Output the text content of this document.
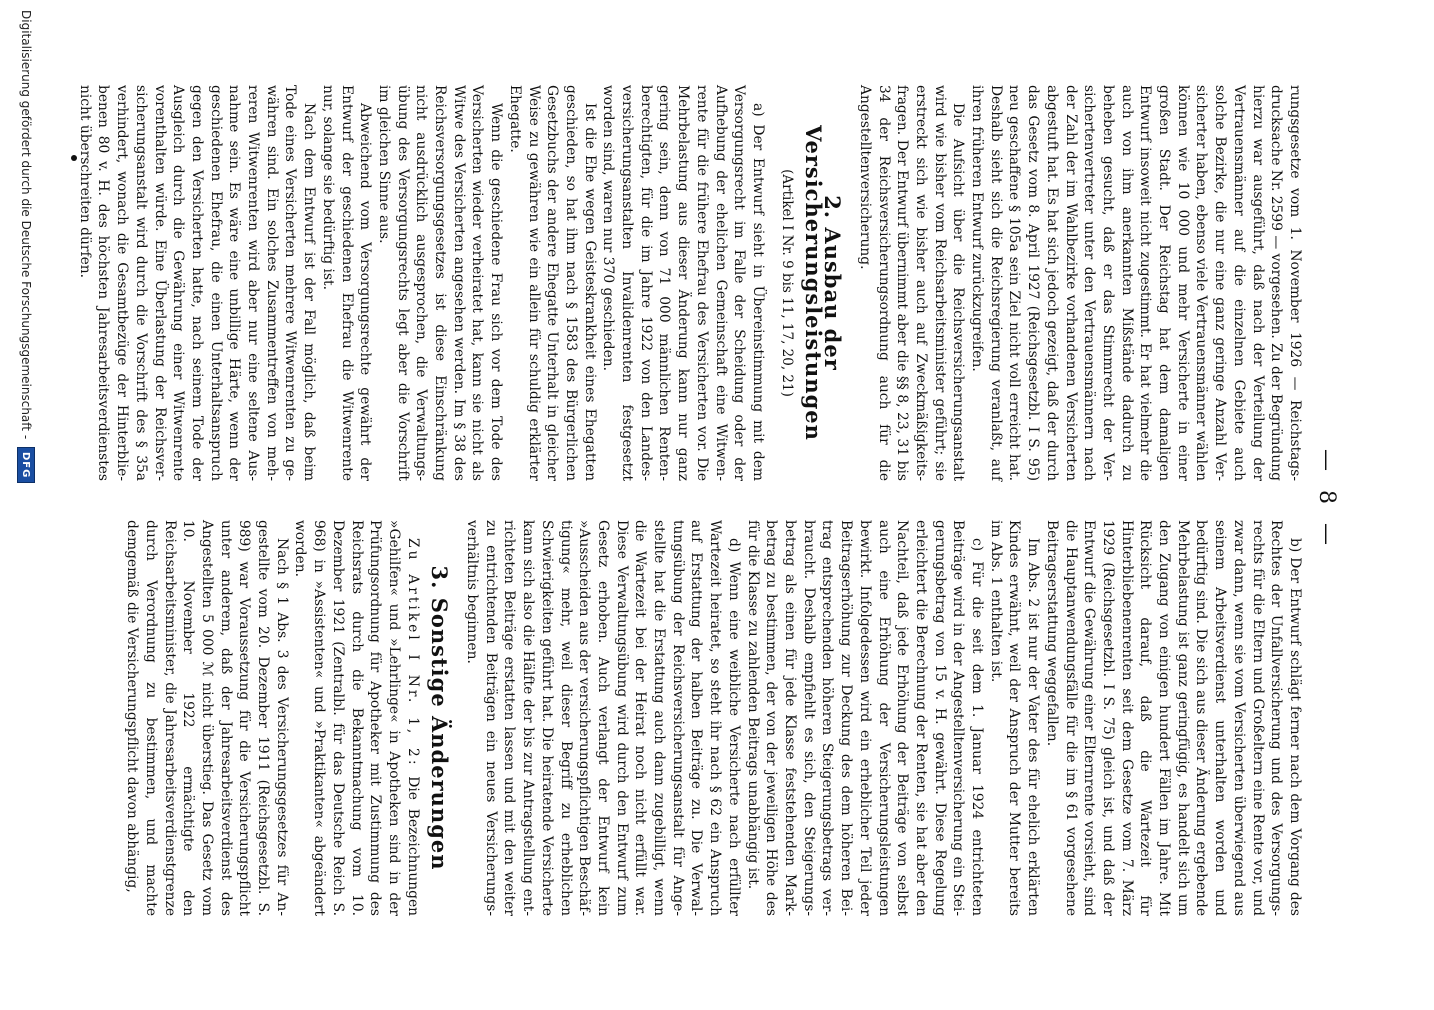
— 8 —

rungsgesetze vom 1. November 1926 — Reichstagsdrucksache Nr. 2599 — vorgesehen. Zu der Begründung hierzu war ausgeführt, daß nach der Verteilung der Vertrauensmänner auf die einzelnen Gebiete auch solche Bezirke, die nur eine ganz geringe Anzahl Versicherter haben, ebenso viele Vertrauensmänner wählen können wie 10 000 und mehr Versicherte in einer großen Stadt. Der Reichstag hat dem damaligen Entwurf insoweit nicht zugestimmt. Er hat vielmehr die auch von ihm anerkannten Mißstände dadurch zu beheben gesucht, daß er das Stimmrecht der Versichertenvertreter unter den Vertrauensmännern nach der Zahl der im Wahlbezirke vorhandenen Versicherten abgestuft hat. Es hat sich jedoch gezeigt, daß der durch das Gesetz vom 8. April 1927 (Reichsgesetzbl. I S. 95) neu geschaffene § 105a sein Ziel nicht voll erreicht hat. Deshalb sieht sich die Reichsregierung veranlaßt, auf ihren früheren Entwurf zurückzugreifen.

Die Aufsicht über die Reichsversicherungsanstalt wird wie bisher vom Reichsarbeitsminister geführt; sie erstreckt sich wie bisher auch auf Zweckmäßigkeitsfragen. Der Entwurf übernimmt aber die §§ 8, 23, 31 bis 34 der Reichsversicherungsordnung auch für die Angestelltenversicherung.

2. Ausbau der Versicherungsleistungen
(Artikel I Nr. 9 bis 11, 17, 20, 21)

a) Der Entwurf sieht in Übereinstimmung mit dem Versorgungsrecht im Falle der Scheidung oder der Aufhebung der ehelichen Gemeinschaft eine Witwenrente für die frühere Ehefrau des Versicherten vor. Die Mehrbelastung aus dieser Änderung kann nur ganz gering sein, denn von 71 000 männlichen Rentenberechtigten, für die im Jahre 1922 von den Landesversicherungsanstalten Invalidenrenten festgesetzt worden sind, waren nur 370 geschieden.

Ist die Ehe wegen Geisteskrankheit eines Ehegatten geschieden, so hat ihm nach § 1583 des Bürgerlichen Gesetzbuchs der andere Ehegatte Unterhalt in gleicher Weise zu gewähren wie ein allein für schuldig erklärter Ehegatte.

Wenn die geschiedene Frau sich vor dem Tode des Versicherten wieder verheiratet hat, kann sie nicht als Witwe des Versicherten angesehen werden. Im § 38 des Reichsversorgungsgesetzes ist diese Einschränkung nicht ausdrücklich ausgesprochen, die Verwaltungsübung des Versorgungsrechts legt aber die Vorschrift im gleichen Sinne aus.

Abweichend vom Versorgungsrechte gewährt der Entwurf der geschiedenen Ehefrau die Witwenrente nur, solange sie bedürftig ist.

Nach dem Entwurf ist der Fall möglich, daß beim Tode eines Versicherten mehrere Witwenrenten zu gewähren sind. Ein solches Zusammentreffen von mehreren Witwenrenten wird aber nur eine seltene Ausnahme sein. Es wäre eine unbillige Härte, wenn der geschiedenen Ehefrau, die einen Unterhaltsanspruch gegen den Versicherten hatte, nach seinem Tode der Ausgleich durch die Gewährung einer Witwenrente vorenthalten würde. Eine Überlastung der Reichsversicherungsanstalt wird durch die Vorschrift des § 35a verhindert, wonach die Gesamtbezüge der Hinterbliebenen 80 v. H. des höchsten Jahresarbeitsverdienstes nicht überschreiten dürfen.

b) Der Entwurf schlägt ferner nach dem Vorgang des Rechtes der Unfallversicherung und des Versorgungsrechts für die Eltern und Großeltern eine Rente vor, und zwar dann, wenn sie vom Versicherten überwiegend aus seinem Arbeitsverdienst unterhalten worden und bedürftig sind. Die sich aus dieser Änderung ergebende Mehrbelastung ist ganz geringfügig, es handelt sich um den Zugang von einigen hundert Fällen im Jahre. Mit Rücksicht darauf, daß die Wartezeit für Hinterbliebenenrenten seit dem Gesetze vom 7. März 1929 (Reichsgesetzbl. I S. 75) gleich ist, und daß der Entwurf die Gewährung einer Elternrente vorsieht, sind die Hauptanwendungsfälle für die im § 61 vorgesehene Beitragserstattung weggefallen.

Im Abs. 2 ist nur der Vater des für ehelich erklärten Kindes erwähnt, weil der Anspruch der Mutter bereits im Abs. 1 enthalten ist.

c) Für die seit dem 1. Januar 1924 entrichteten Beiträge wird in der Angestelltenversicherung ein Steigerungsbetrag von 15 v. H. gewährt. Diese Regelung erleichtert die Berechnung der Renten, sie hat aber den Nachteil, daß jede Erhöhung der Beiträge von selbst auch eine Erhöhung der Versicherungsleistungen bewirkt. Infolgedessen wird ein erheblicher Teil jeder Beitragserhöhung zur Deckung des dem höheren Beitrag entsprechenden höheren Steigerungsbetrags verbraucht. Deshalb empfiehlt es sich, den Steigerungsbetrag als einen für jede Klasse feststehenden Markbetrag zu bestimmen, der von der jeweiligen Höhe des für die Klasse zu zahlenden Beitrags unabhängig ist.

d) Wenn eine weibliche Versicherte nach erfüllter Wartezeit heiratet, so steht ihr nach § 62 ein Anspruch auf Erstattung der halben Beiträge zu. Die Verwaltungsübung der Reichsversicherungsanstalt für Angestellte hat die Erstattung auch dann zugebilligt, wenn die Wartezeit bei der Heirat noch nicht erfüllt war. Diese Verwaltungsübung wird durch den Entwurf zum Gesetz erhoben. Auch verlangt der Entwurf kein »Ausscheiden aus der versicherungspflichtigen Beschäftigung« mehr, weil dieser Begriff zu erheblichen Schwierigkeiten geführt hat. Die heiratende Versicherte kann sich also die Hälfte der bis zur Antragstellung entrichteten Beiträge erstatten lassen und mit den weiter zu entrichtenden Beiträgen ein neues Versicherungsverhältnis beginnen.

3. Sonstige Änderungen

Zu Artikel I Nr. 1, 2: Die Bezeichnungen »Gehilfen« und »Lehrlinge« in Apotheken sind in der Prüfungsordnung für Apotheker mit Zustimmung des Reichsrats durch die Bekanntmachung vom 10. Dezember 1921 (Zentralbl. für das Deutsche Reich S. 968) in »Assistenten« und »Praktikanten« abgeändert worden.

Nach § 1 Abs. 3 des Versicherungsgesetzes für Angestellte vom 20. Dezember 1911 (Reichsgesetzbl. S. 989) war Voraussetzung für die Versicherungspflicht unter anderem, daß der Jahresarbeitsverdienst des Angestellten 5 000 ℳ nicht überstieg. Das Gesetz vom 10. November 1922 ermächtigte den Reichsarbeitsminister, die Jahresarbeitsverdienstgrenze durch Verordnung zu bestimmen, und machte demgemäß die Versicherungspflicht davon abhängig,

Digitalisierung gefördert durch die Deutsche Forschungsgemeinschaft -
DFG
